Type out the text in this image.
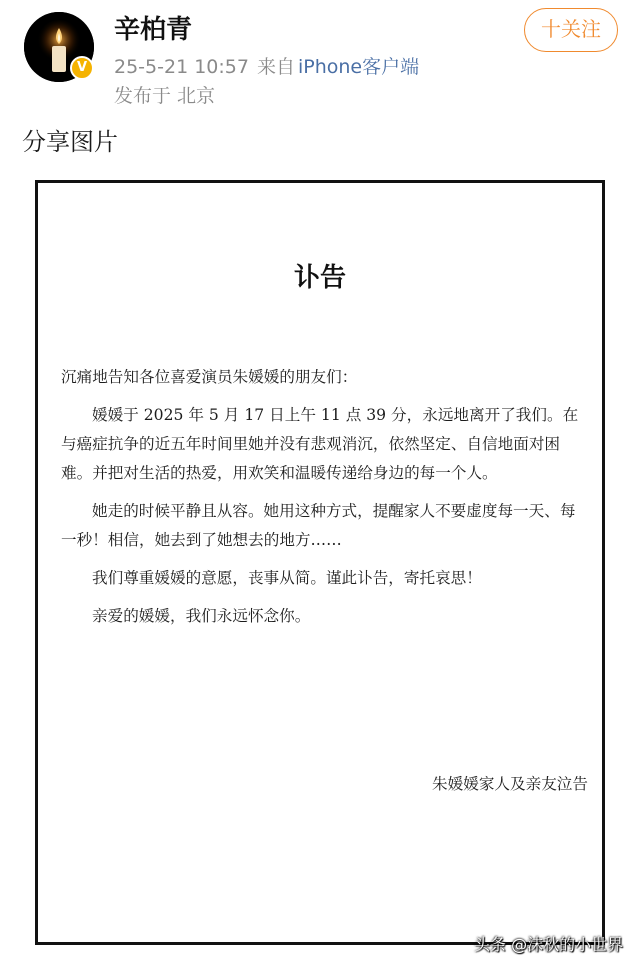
V
辛柏青
25-5-21 10:57 来自 iPhone客户端
发布于 北京
十关注
分享图片
讣告

沉痛地告知各位喜爱演员朱媛媛的朋友们：

媛媛于 2025 年 5 月 17 日上午 11 点 39 分，永远地离开了我们。在与癌症抗争的近五年时间里她并没有悲观消沉，依然坚定、自信地面对困难。并把对生活的热爱，用欢笑和温暖传递给身边的每一个人。

她走的时候平静且从容。她用这种方式，提醒家人不要虚度每一天、每一秒！相信，她去到了她想去的地方……

我们尊重媛媛的意愿，丧事从简。谨此讣告，寄托哀思！

亲爱的媛媛，我们永远怀念你。

朱媛媛家人及亲友泣告
头条 @沫秋的小世界
